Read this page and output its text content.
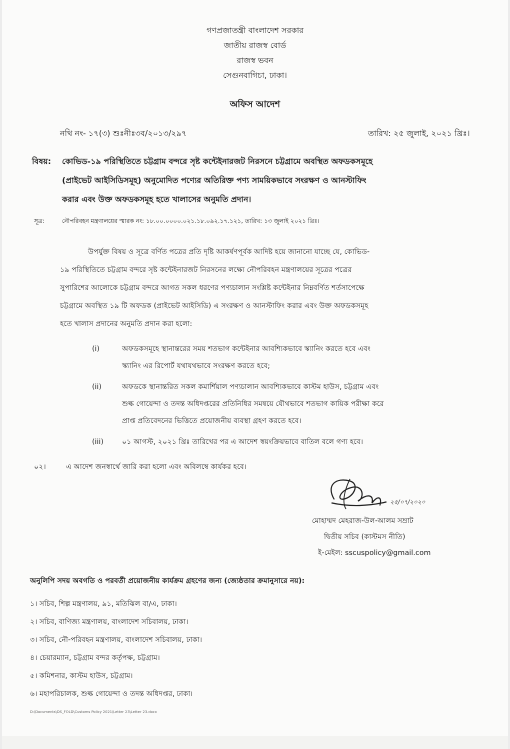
গণপ্রজাতন্ত্রী বাংলাদেশ সরকার
জাতীয় রাজস্ব বোর্ড
রাজস্ব ভবন
সেগুনবাগিচা, ঢাকা।
অফিস আদেশ
নথি নং- ১৭(৩) শুঃনীঃ৩ব/২০১৩/২৯৭	তারিখ: ২৫ জুলাই, ২০২১ খ্রিঃ।
বিষয়: কোভিড-১৯ পরিস্থিতিতে চট্টগ্রাম বন্দরে সৃষ্ট কন্টেইনারজট নিরসনে চট্টগ্রামে অবস্থিত অফডকসমূহে
(প্রাইভেট আইসিডিসমূহ) অনুমোদিত পণ্যের অতিরিক্ত পণ্য সাময়িকভাবে সংরক্ষণ ও আনস্টাফিং
করার এবং উক্ত অফডকসমূহ হতে খালাসের অনুমতি প্রদান।
সূত্র:	নৌপরিবহন মন্ত্রণালয়ের স্মারক নং: ১৮.০০.০০০০.০২১.১৮.০৯২.১৭.১২১, তারিখ: ১৩ জুলাই ২০২১ খ্রিঃ।
উপর্যুক্ত বিষয় ও সূত্রে বর্ণিত পত্রের প্রতি দৃষ্টি আকর্ষণপূর্বক আদিষ্ট হয়ে জানানো যাচ্ছে যে, কোভিড-
১৯ পরিস্থিতিতে চট্টগ্রাম বন্দরে সৃষ্ট কন্টেইনারজট নিরসনের লক্ষ্যে নৌপরিবহন মন্ত্রণালয়ের সূত্রের পত্রের
সুপারিশের আলোকে চট্টগ্রাম বন্দরে আগত সকল ধরণের পণ্যচালান সংশ্লিষ্ট কন্টেইনার নিম্নবর্ণিত শর্তসাপেক্ষে
চট্টগ্রামে অবস্থিত ১৯ টি অফডক (প্রাইভেট আইসিডি) এ সংরক্ষণ ও আনস্টাফিং করার এবং উক্ত অফডকসমূহ
হতে খালাস প্রদানের অনুমতি প্রদান করা হলো:
(i)	অফডকসমূহে স্থানান্তরের সময় শতভাগ কন্টেইনার আবশ্যিকভাবে স্ক্যানিং করতে হবে এবং
স্ক্যানিং এর রিপোর্ট যথাযথভাবে সংরক্ষণ করতে হবে;
(ii)	অফডকে স্থানান্তরিত সকল কমার্শিয়াল পণ্যচালান আবশ্যিকভাবে কাস্টম হাউস, চট্টগ্রাম এবং
শুল্ক গোয়েন্দা ও তদন্ত অধিদপ্তরের প্রতিনিধির সমন্বয়ে যৌথভাবে শতভাগ কায়িক পরীক্ষা করে
প্রাপ্ত প্রতিবেদনের ভিত্তিতে প্রয়োজনীয় ব্যবস্থা গ্রহণ করতে হবে।
(iii)	০১ আগস্ট, ২০২১ খ্রিঃ তারিখের পর এ আদেশ স্বয়ংক্রিয়ভাবে বাতিল বলে গণ্য হবে।
০২।	এ আদেশ জনস্বার্থে জারি করা হলো এবং অবিলম্বে কার্যকর হবে।
২৫/০৭/২০২০
মোহাম্মদ মেহরাজ-উল-আলম সম্রাট
দ্বিতীয় সচিব (কাস্টমস নীতি)
ই-মেইল: sscuspolicy@gmail.com
অনুলিপি সদয় অবগতি ও পরবর্তী প্রয়োজনীয় কার্যক্রম গ্রহণের জন্য (জ্যেষ্ঠতার ক্রমানুসারে নয়):
১। সচিব, শিল্প মন্ত্রণালয়, ৯১, মতিঝিল বা/এ, ঢাকা।
২। সচিব, বাণিজ্য মন্ত্রণালয়, বাংলাদেশ সচিবালয়, ঢাকা।
৩। সচিব, নৌ-পরিবহন মন্ত্রণালয়, বাংলাদেশ সচিবালয়, ঢাকা।
৪। চেয়ারম্যান, চট্টগ্রাম বন্দর কর্তৃপক্ষ, চট্টগ্রাম।
৫। কমিশনার, কাস্টম হাউস, চট্টগ্রাম।
৬। মহাপরিচালক, শুল্ক গোয়েন্দা ও তদন্ত অধিদপ্তর, ঢাকা।
D:\Documents\DS_FOLD\Customs Policy 2021\Letter 23\Letter 23.docx
